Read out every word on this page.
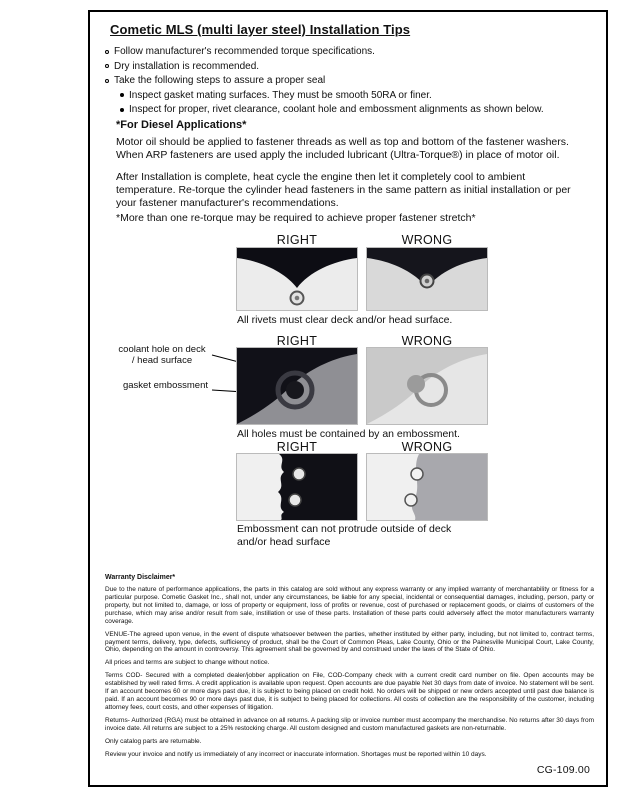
Cometic MLS (multi layer steel) Installation Tips
Follow manufacturer's recommended torque specifications.
Dry installation is recommended.
Take the following steps to assure a proper seal
Inspect gasket mating surfaces. They must be smooth 50RA or finer.
Inspect for proper, rivet clearance, coolant hole and embossment alignments as shown below.
*For Diesel Applications*
Motor oil should be applied to fastener threads as well as top and bottom of the fastener washers. When ARP fasteners are used apply the included lubricant (Ultra-Torque®) in place of motor oil.
After Installation is complete, heat cycle the engine then let it completely cool to ambient temperature. Re-torque the cylinder head fasteners in the same pattern as initial installation or per your fastener manufacturer's recommendations.
*More than one re-torque may be required to achieve proper fastener stretch*
RIGHT	WRONG
All rivets must clear deck and/or head surface.
RIGHT	WRONG
coolant hole on deck / head surface
gasket embossment
All holes must be contained by an embossment.
RIGHT	WRONG
Embossment can not protrude outside of deck and/or head surface
Warranty Disclaimer*

Due to the nature of performance applications, the parts in this catalog are sold without any express warranty or any implied warranty of merchantability or fitness for a particular purpose. Cometic Gasket Inc., shall not, under any circumstances, be liable for any special, incidental or consequential damages, including, person, party or property, but not limited to, damage, or loss of property or equipment, loss of profits or revenue, cost of purchased or replacement goods, or claims of customers of the purchase, which may arise and/or result from sale, instillation or use of these parts. Installation of these parts could adversely affect the motor manufacturers warranty coverage.

VENUE-The agreed upon venue, in the event of dispute whatsoever between the parties, whether instituted by either party, including, but not limited to, contract terms, payment terms, delivery, type, defects, sufficiency of product, shall be the Court of Common Pleas, Lake County, Ohio or the Painesville Municipal Court, Lake County, Ohio, depending on the amount in controversy. This agreement shall be governed by and construed under the laws of the State of Ohio.

All prices and terms are subject to change without notice.

Terms COD- Secured with a completed dealer/jobber application on File, COD-Company check with a current credit card number on file. Open accounts may be established by well rated firms. A credit application is available upon request. Open accounts are due payable Net 30 days from date of invoice. No statement will be sent. If an account becomes 60 or more days past due, it is subject to being placed on credit hold. No orders will be shipped or new orders accepted until past due balance is paid. If an account becomes 90 or more days past due, it is subject to being placed for collections. All costs of collection are the responsibility of the customer, including attorney fees, court costs, and other expenses of litigation.

Returns- Authorized (RGA) must be obtained in advance on all returns. A packing slip or invoice number must accompany the merchandise. No returns after 30 days from invoice date. All returns are subject to a 25% restocking charge. All custom designed and custom manufactured gaskets are non-returnable.

Only catalog parts are returnable.

Review your invoice and notify us immediately of any incorrect or inaccurate information. Shortages must be reported within 10 days.

CG-109.00
